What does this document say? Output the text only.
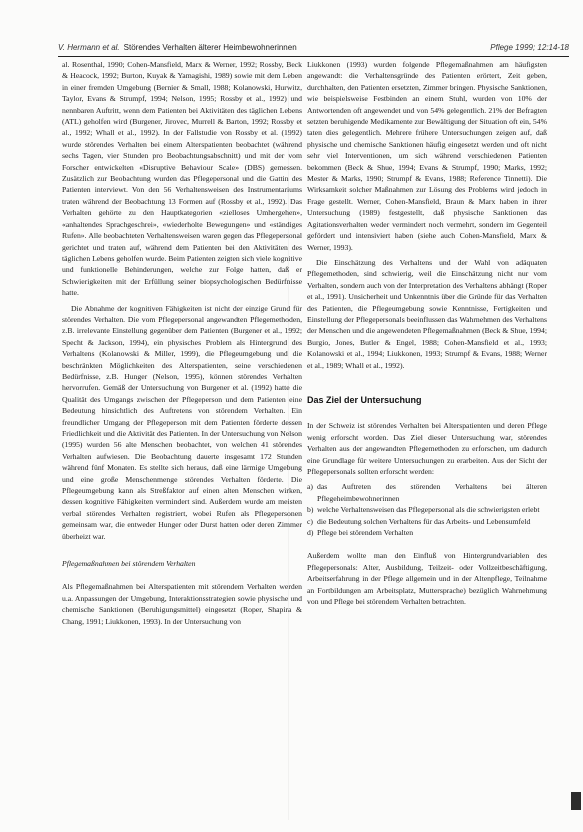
V. Hermann et al. Störendes Verhalten älterer Heimbewohnerinnen	Pflege 1999; 12:14-18

al. Rosenthal, 1990; Cohen-Mansfield, Marx & Werner, 1992; Rossby, Beck & Heacock, 1992; Burton, Kuyak & Yamagishi, 1989) sowie mit dem Leben in einer fremden Umgebung (Bernier & Small, 1988; Kolanowski, Hurwitz, Taylor, Evans & Strumpf, 1994; Nelson, 1995; Rossby et al., 1992) und nennbaren Auftritt, wenn dem Patienten bei Aktivitäten des täglichen Lebens (ATL) geholfen wird (Burgener, Jirovec, Murrell & Barton, 1992; Rossby et al., 1992; Whall et al., 1992). In der Fallstudie von Rossby et al. (1992) wurde störendes Verhalten bei einem Alterspatienten beobachtet (während sechs Tagen, vier Stunden pro Beobachtungsabschnitt) und mit der vom Forscher entwickelten «Disruptive Behaviour Scale» (DBS) gemessen. Zusätzlich zur Beobachtung wurden das Pflegepersonal und die Gattin des Patienten interviewt. Von den 56 Verhaltensweisen des Instrumentariums traten während der Beobachtung 13 Formen auf (Rossby et al., 1992). Das Verhalten gehörte zu den Hauptkategorien «zielloses Umhergehen», «anhaltendes Sprachgeschrei», «wiederholte Bewegungen» und «ständiges Rufen». Alle beobachteten Verhaltensweisen waren gegen das Pflegepersonal gerichtet und traten auf, während dem Patienten bei den Aktivitäten des täglichen Lebens geholfen wurde. Beim Patienten zeigten sich viele kognitive und funktionelle Behinderungen, welche zur Folge hatten, daß er Schwierigkeiten mit der Erfüllung seiner biopsychologischen Bedürfnisse hatte.

Die Abnahme der kognitiven Fähigkeiten ist nicht der einzige Grund für störendes Verhalten. Die vom Pflegepersonal angewandten Pflegemethoden, z.B. irrelevante Einstellung gegenüber dem Patienten (Burgener et al., 1992; Specht & Jackson, 1994), ein physisches Problem als Hintergrund des Verhaltens (Kolanowski & Miller, 1999), die Pflegeumgebung und die beschränkten Möglichkeiten des Alterspatienten, seine verschiedenen Bedürfnisse, z.B. Hunger (Nelson, 1995), können störendes Verhalten hervorrufen. Gemäß der Untersuchung von Burgener et al. (1992) hatte die Qualität des Umgangs zwischen der Pflegeperson und dem Patienten eine Bedeutung hinsichtlich des Auftretens von störendem Verhalten. Ein freundlicher Umgang der Pflegeperson mit dem Patienten förderte dessen Friedlichkeit und die Aktivität des Patienten. In der Untersuchung von Nelson (1995) wurden 56 alte Menschen beobachtet, von welchen 41 störendes Verhalten aufwiesen. Die Beobachtung dauerte insgesamt 172 Stunden während fünf Monaten. Es stellte sich heraus, daß eine lärmige Umgebung und eine große Menschenmenge störendes Verhalten förderte. Die Pflegeumgebung kann als Streßfaktor auf einen alten Menschen wirken, dessen kognitive Fähigkeiten vermindert sind. Außerdem wurde am meisten verbal störendes Verhalten registriert, wobei Rufen als Pflegepersonen gemeinsam war, die entweder Hunger oder Durst hatten oder deren Zimmer überheizt war.

Pflegemaßnahmen bei störendem Verhalten

Als Pflegemaßnahmen bei Alterspatienten mit störendem Verhalten werden u.a. Anpassungen der Umgebung, Interaktionsstrategien sowie physische und chemische Sanktionen (Beruhigungsmittel) eingesetzt (Roper, Shapira & Chang, 1991; Liukkonen, 1993). In der Untersuchung von

Liukkonen (1993) wurden folgende Pflegemaßnahmen am häufigsten angewandt: die Verhaltensgründe des Patienten erörtert, Zeit geben, durchhalten, den Patienten ersetzten, Zimmer bringen. Physische Sanktionen, wie beispielsweise Festbinden an einem Stuhl, wurden von 10% der Antwortenden oft angewendet und von 54% gelegentlich. 21% der Befragten setzten beruhigende Medikamente zur Bewältigung der Situation oft ein, 54% taten dies gelegentlich. Mehrere frühere Untersuchungen zeigen auf, daß physische und chemische Sanktionen häufig eingesetzt werden und oft nicht sehr viel Interventionen, um sich während verschiedenen Patienten bekommen (Beck & Shue, 1994; Evans & Strumpf, 1990; Marks, 1992; Mester & Marks, 1990; Strumpf & Evans, 1988; Reference Tinnetti). Die Wirksamkeit solcher Maßnahmen zur Lösung des Problems wird jedoch in Frage gestellt. Werner, Cohen-Mansfield, Braun & Marx haben in ihrer Untersuchung (1989) festgestellt, daß physische Sanktionen das Agitationsverhalten weder vermindert noch vermehrt, sondern im Gegenteil gefördert und intensiviert haben (siehe auch Cohen-Mansfield, Marx & Werner, 1993).

Die Einschätzung des Verhaltens und der Wahl von adäquaten Pflegemethoden, sind schwierig, weil die Einschätzung nicht nur vom Verhalten, sondern auch von der Interpretation des Verhaltens abhängt (Roper et al., 1991). Unsicherheit und Unkenntnis über die Gründe für das Verhalten des Patienten, die Pflegeumgebung sowie Kenntnisse, Fertigkeiten und Einstellung der Pflegepersonals beeinflussen das Wahrnehmen des Verhaltens der Menschen und die angewendeten Pflegemaßnahmen (Beck & Shue, 1994; Burgio, Jones, Butler & Engel, 1988; Cohen-Mansfield et al., 1993; Kolanowski et al., 1994; Liukkonen, 1993; Strumpf & Evans, 1988; Werner et al., 1989; Whall et al., 1992).

Das Ziel der Untersuchung

In der Schweiz ist störendes Verhalten bei Alterspatienten und deren Pflege wenig erforscht worden. Das Ziel dieser Untersuchung war, störendes Verhalten aus der angewandten Pflegemethoden zu erforschen, um dadurch eine Grundlage für weitere Untersuchungen zu erarbeiten. Aus der Sicht der Pflegepersonals sollten erforscht werden:

a) das Auftreten des störenden Verhaltens bei älteren Pflegeheimbewohnerinnen
b) welche Verhaltensweisen das Pflegepersonal als die schwierigsten erlebt
c) die Bedeutung solchen Verhaltens für das Arbeits- und Lebensumfeld
d) Pflege bei störendem Verhalten

Außerdem wollte man den Einfluß von Hintergrundvariablen des Pflegepersonals: Alter, Ausbildung, Teilzeit- oder Vollzeitbeschäftigung, Arbeitserfahrung in der Pflege allgemein und in der Altenpflege, Teilnahme an Fortbildungen am Arbeitsplatz, Muttersprache) bezüglich Wahrnehmung von und Pflege bei störendem Verhalten betrachten.
